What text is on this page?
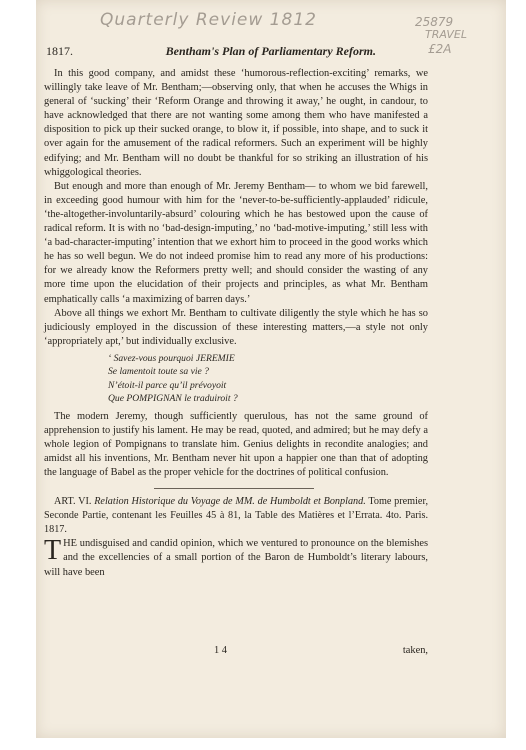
Quarterly Review 1812	25879
TRAVEL
£2A
1817.	Bentham's Plan of Parliamentary Reform.

In this good company, and amidst these ‘humorous-reflection-exciting’ remarks, we willingly take leave of Mr. Bentham;—observing only, that when he accuses the Whigs in general of ‘sucking’ their ‘Reform Orange and throwing it away,’ he ought, in candour, to have acknowledged that there are not wanting some among them who have manifested a disposition to pick up their sucked orange, to blow it, if possible, into shape, and to suck it over again for the amusement of the radical reformers. Such an experiment will be highly edifying; and Mr. Bentham will no doubt be thankful for so striking an illustration of his whiggological theories.

But enough and more than enough of Mr. Jeremy Bentham— to whom we bid farewell, in exceeding good humour with him for the ‘never-to-be-sufficiently-applauded’ ridicule, ‘the-altogether-involuntarily-absurd’ colouring which he has bestowed upon the cause of radical reform. It is with no ‘bad-design-imputing,’ no ‘bad-motive-imputing,’ still less with ‘a bad-character-imputing’ intention that we exhort him to proceed in the good works which he has so well begun. We do not indeed promise him to read any more of his productions: for we already know the Reformers pretty well; and should consider the wasting of any more time upon the elucidation of their projects and principles, as what Mr. Bentham emphatically calls ‘a maximizing of barren days.’

Above all things we exhort Mr. Bentham to cultivate diligently the style which he has so judiciously employed in the discussion of these interesting matters,—a style not only ‘appropriately apt,’ but individually exclusive.

‘ Savez-vous pourquoi JEREMIE
Se lamentoit toute sa vie ?
N’étoit-il parce qu’il prévoyoit
Que POMPIGNAN le traduiroit ?

The modern Jeremy, though sufficiently querulous, has not the same ground of apprehension to justify his lament. He may be read, quoted, and admired; but he may defy a whole legion of Pompignans to translate him. Genius delights in recondite analogies; and amidst all his inventions, Mr. Bentham never hit upon a happier one than that of adopting the language of Babel as the proper vehicle for the doctrines of political confusion.

ART. VI. Relation Historique du Voyage de MM. de Humboldt et Bonpland. Tome premier, Seconde Partie, contenant les Feuilles 45 à 81, la Table des Matières et l’Errata. 4to. Paris. 1817.

T HE undisguised and candid opinion, which we ventured to pronounce on the blemishes and the excellencies of a small portion of the Baron de Humboldt’s literary labours, will have been

1 4	taken,
